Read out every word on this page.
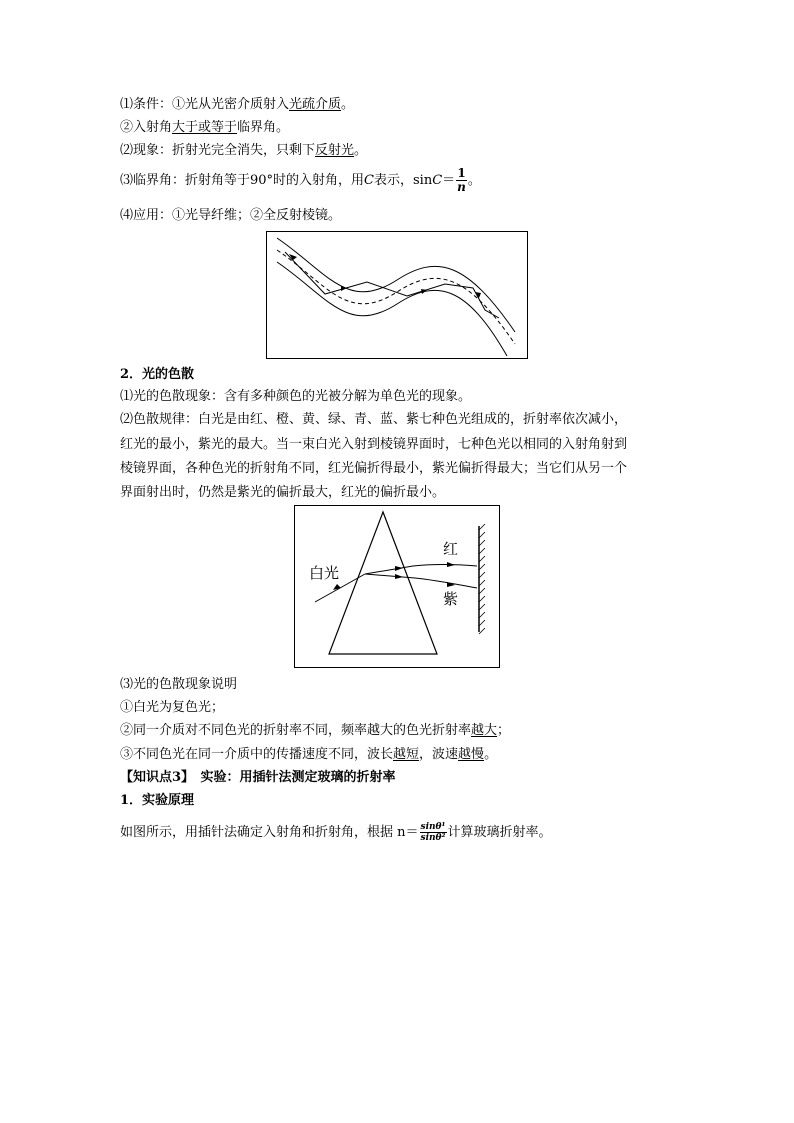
⑴条件：①光从光密介质射入光疏介质。
②入射角大于或等于临界角。
⑵现象：折射光完全消失，只剩下反射光。
⑶临界角：折射角等于90°时的入射角，用C表示，$\sin C= \frac{1}{n}$ 。
⑷应用：①光导纤维；②全反射棱镜。
2．光的色散
⑴光的色散现象：含有多种颜色的光被分解为单色光的现象。
⑵色散规律：白光是由红、橙、黄、绿、青、蓝、紫七种色光组成的，折射率依次减小，
红光的最小，紫光的最大。当一束白光入射到棱镜界面时，七种色光以相同的入射角射到
棱镜界面，各种色光的折射角不同，红光偏折得最小，紫光偏折得最大；当它们从另一个
界面射出时，仍然是紫光的偏折最大，红光的偏折最小。
白光
红
紫
⑶光的色散现象说明
①白光为复色光；
②同一介质对不同色光的折射率不同，频率越大的色光折射率越大；
③不同色光在同一介质中的传播速度不同，波长越短，波速越慢。
【知识点3】　实验：用插针法测定玻璃的折射率
1．实验原理
如图所示，用插针法确定入射角和折射角，根据 $n= \frac{\text{sinθ¹}}{\text{sinθ²}}$ 计算玻璃折射率。
